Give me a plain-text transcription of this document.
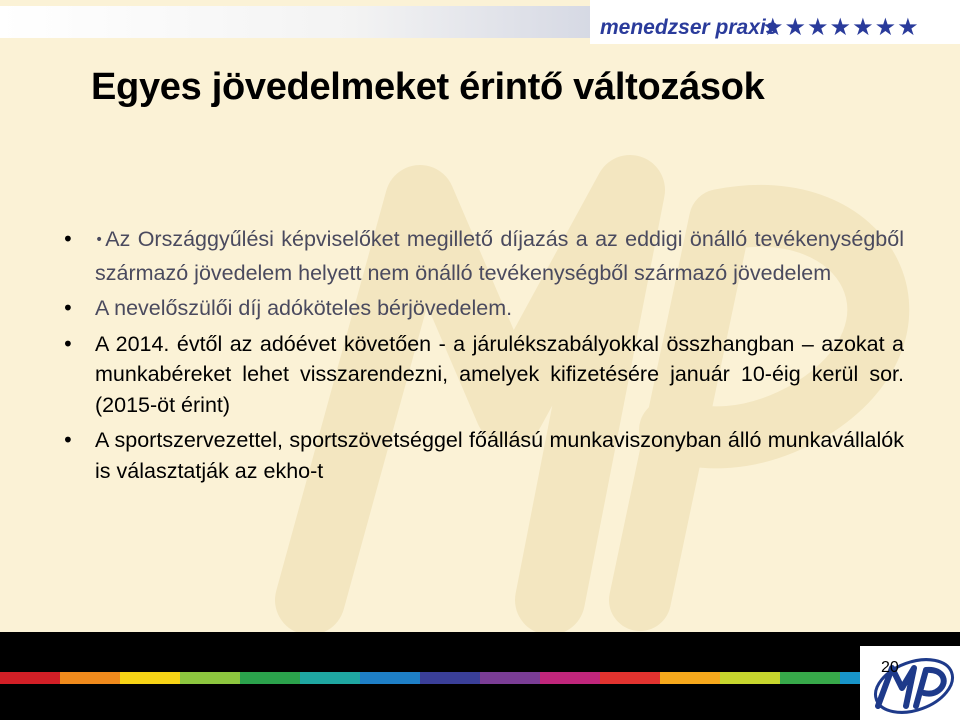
menedzser praxis
★★★★★★★
Egyes jövedelmeket érintő változások
•	•Az Országgyűlési képviselőket megillető díjazás a az eddigi önálló tevékenységből származó jövedelem helyett nem önálló tevékenységből származó jövedelem
• A nevelőszülői díj adóköteles bérjövedelem.
• A 2014. évtől az adóévet követően - a járulékszabályokkal összhangban – azokat a munkabéreket lehet visszarendezni, amelyek kifizetésére január 10-éig kerül sor. (2015-öt érint)
• A sportszervezettel, sportszövetséggel főállású munkaviszonyban álló munkavállalók is választatják az ekho-t
20
